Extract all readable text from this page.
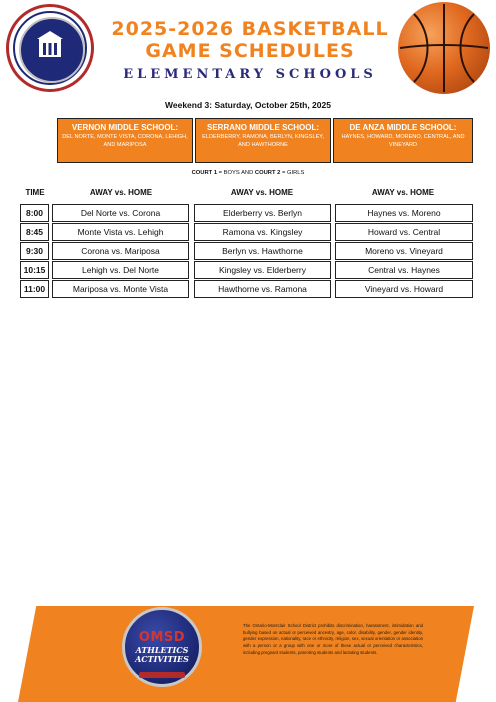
2025-2026 BASKETBALL
GAME SCHEDULES
ELEMENTARY SCHOOLS
Weekend 3: Saturday, October 25th, 2025
VERNON MIDDLE SCHOOL:
DEL NORTE, MONTE VISTA, CORONA, LEHIGH, AND MARIPOSA
SERRANO MIDDLE SCHOOL:
ELDERBERRY, RAMONA, BERLYN, KINGSLEY, AND HAWTHORNE
DE ANZA MIDDLE SCHOOL:
HAYNES, HOWARD, MORENO, CENTRAL, AND VINEYARD
COURT 1 = BOYS AND COURT 2 = GIRLS
TIME	AWAY vs. HOME	AWAY vs. HOME	AWAY vs. HOME
8:00	Del Norte vs. Corona	Elderberry vs. Berlyn	Haynes vs. Moreno
8:45	Monte Vista vs. Lehigh	Ramona vs. Kingsley	Howard vs. Central
9:30	Corona vs. Mariposa	Berlyn vs. Hawthorne	Moreno vs. Vineyard
10:15	Lehigh vs. Del Norte	Kingsley vs. Elderberry	Central vs. Haynes
11:00	Mariposa vs. Monte Vista	Hawthorne vs. Ramona	Vineyard vs. Howard
OMSD
ATHLETICS ACTIVITIES
The Ontario-Montclair School District prohibits discrimination, harassment, intimidation and bullying based on actual or perceived ancestry, age, color, disability, gender, gender identity, gender expression, nationality, race or ethnicity, religion, sex, sexual orientation or association with a person or a group with one or more of these actual or perceived characteristics, including pregnant students, parenting students and lactating students.
